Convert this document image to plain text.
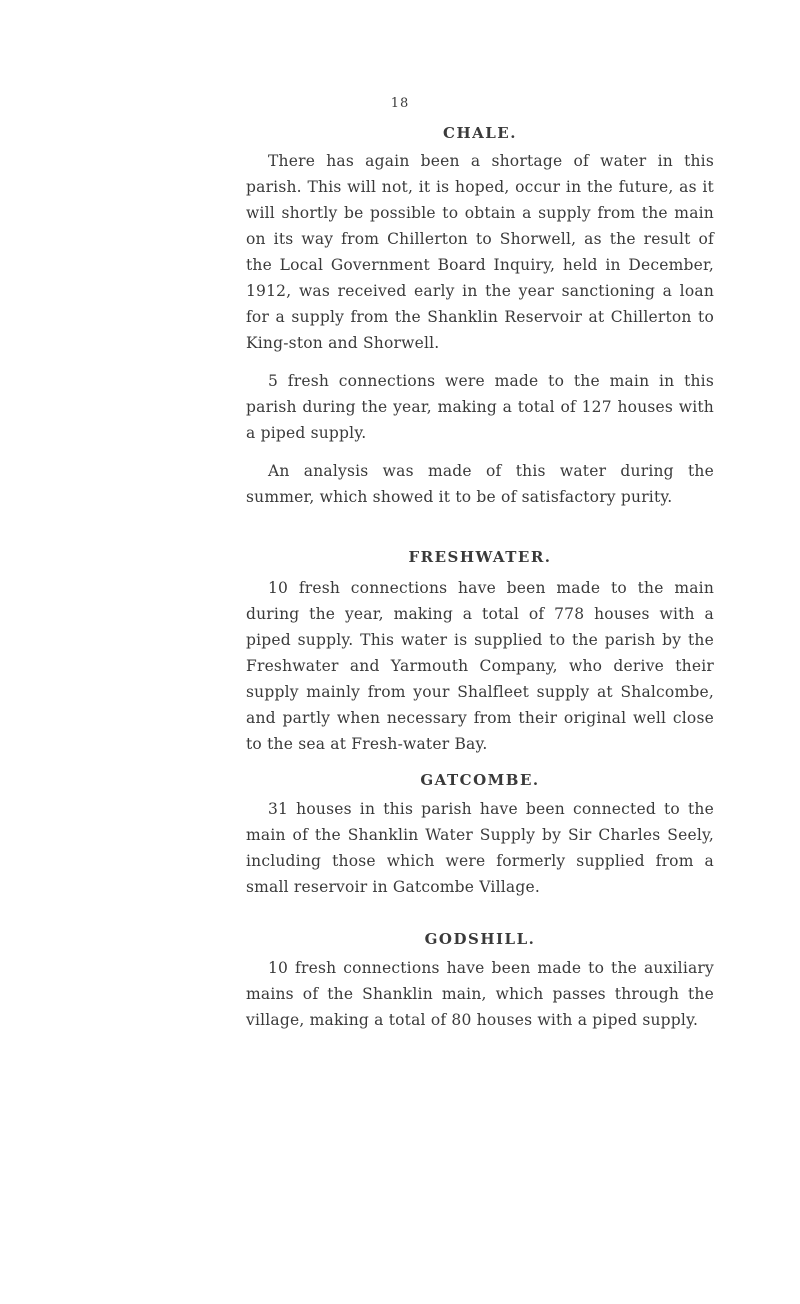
18
CHALE.

There has again been a shortage of water in this parish. This will not, it is hoped, occur in the future, as it will shortly be possible to obtain a supply from the main on its way from Chillerton to Shorwell, as the result of the Local Government Board Inquiry, held in December, 1912, was received early in the year sanctioning a loan for a supply from the Shanklin Reservoir at Chillerton to King-ston and Shorwell.

5 fresh connections were made to the main in this parish during the year, making a total of 127 houses with a piped supply.

An analysis was made of this water during the summer, which showed it to be of satisfactory purity.

FRESHWATER.

10 fresh connections have been made to the main during the year, making a total of 778 houses with a piped supply. This water is supplied to the parish by the Freshwater and Yarmouth Company, who derive their supply mainly from your Shalfleet supply at Shalcombe, and partly when necessary from their original well close to the sea at Fresh-water Bay.

GATCOMBE.

31 houses in this parish have been connected to the main of the Shanklin Water Supply by Sir Charles Seely, including those which were formerly supplied from a small reservoir in Gatcombe Village.

GODSHILL.

10 fresh connections have been made to the auxiliary mains of the Shanklin main, which passes through the village, making a total of 80 houses with a piped supply.
